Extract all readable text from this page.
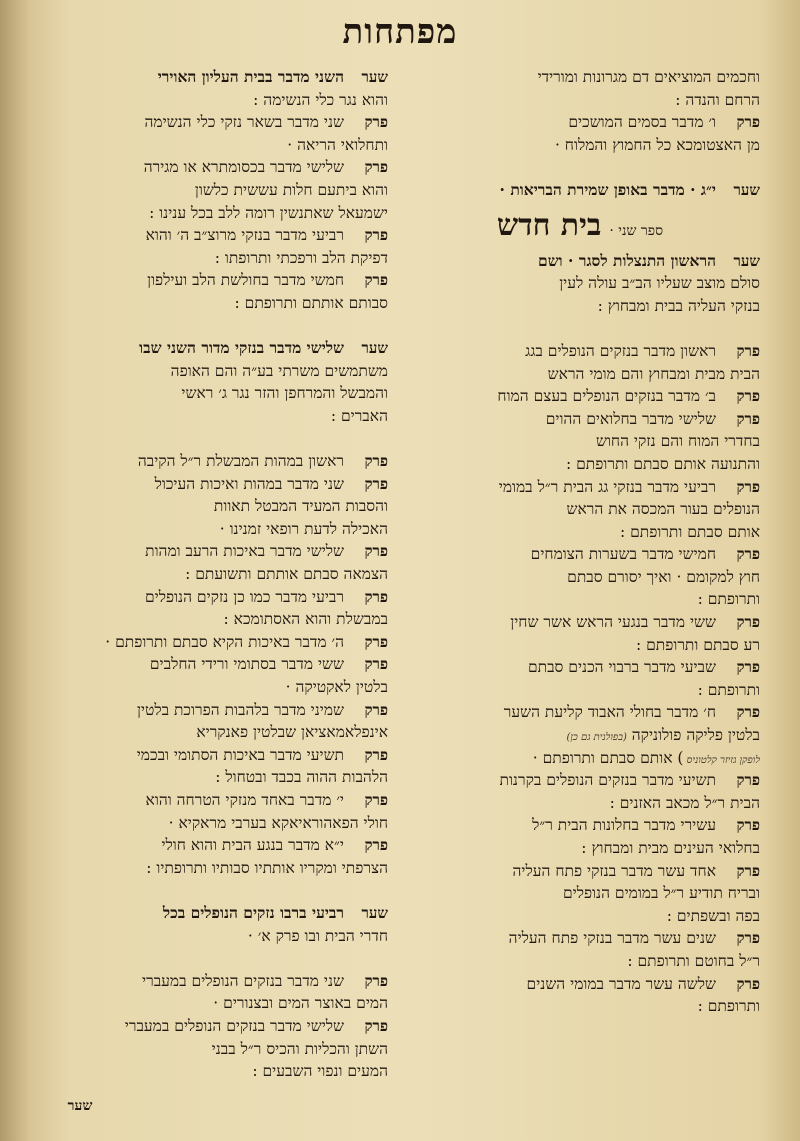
מפתחות
וחכמים המוציאים דם מגרונות ומורידי
הרחם והנדה :
פרקו׳ מדבר בסמים המושכים
מן האצטומכא כל החמוץ והמלוח ·
שערי״ג · מדבר באופן שמירת הבריאות ·
ספר שני ·בית חדש
שערהראשון התנצלות לסגר · ושם
סולם מוצב שעליו הב״ב עולה לעין
בנזקי העליה בבית ומבחוץ :
פרקראשון מדבר בנזקים הנופלים בגג
הבית מבית ומבחוץ והם מומי הראש
פרקב׳ מדבר בנזקים הנופלים בעצם המוח
פרקשלישי מדבר בחלואים ההוים
בחדרי המוח והם נזקי החוש
והתנועה אותם סבתם ותרופתם :
פרקרביעי מדבר בנזקי גג הבית ר״ל במומי
הנופלים בעור המכסה את הראש
אותם סבתם ותרופתם :
פרקחמישי מדבר בשערות הצומחים
חוץ למקומם · ואיך יסורם סבתם
ותרופתם :
פרקששי מדבר בנגעי הראש אשר שחין
רע סבתם ותרופתם :
פרקשביעי מדבר ברבוי הכנים סבתם
ותרופתם :
פרקח׳ מדבר בחולי האבוד קליעת השער
בלטין פליקה פולוניקה (בפולנית גם כן)
לופקן גזיזר קלטוניס ) אותם סבתם ותרופתם ·
פרקתשיעי מדבר בנזקים הנופלים בקרנות
הבית ר״ל מכאב האזנים :
פרקעשירי מדבר בחלונות הבית ר״ל
בחלואי העינים מבית ומבחוץ :
פרקאחד עשר מדבר בנזקי פתח העליה
ובריח תודיע ר״ל במומים הנופלים
בפה ובשפתים :
פרקשנים עשר מדבר בנזקי פתח העליה
ר״ל בחוטם ותרופתם :
פרקשלשה עשר מדבר במומי השנים
ותרופתם :
שערהשני מדבר בבית העליון האוירי
והוא נגר כלי הנשימה :
פרקשני מדבר בשאר נזקי כלי הנשימה
ותחלואי הריאה ·
פרקשלישי מדבר בכסומתרא או מגירה
והוא ביתעם חלות עששית כלשון
ישמעאל שאתנשין רומה ללב בכל ענינו :
פרקרביעי מדבר בנזקי מרוצ״ב ה׳ והוא
דפיקת הלב ורפכתי ותרופתו :
פרקחמשי מדבר בחולשת הלב ועילפון
סבותם אותתם ותרופתם :
שערשלישי מדבר בנזקי מדור השני שבו
משתמשים משרתי בע״ה והם האופה
והמבשל והמרחפן והזר נגר ג׳ ראשי
האברים :
פרקראשון במהות המבשלת ר״ל הקיבה
פרקשני מדבר במהות ואיכות העיכול
והסבות המעיד המבטל תאוות
האכילה לדעת רופאי זמנינו ·
פרקשלישי מדבר באיכות הרעב ומהות
הצמאה סבתם אותתם ותשועתם :
פרקרביעי מדבר כמו כן נזקים הנופלים
במבשלת והוא האסתומכא :
פרקה׳ מדבר באיכות הקיא סבתם ותרופתם ·
פרקששי מדבר בסתומי ורידי החלבים
בלטין לאקטיקה ·
פרקשמיני מדבר בלהבות הפרוכת בלטין
אינפלאמאציאן שבלטין פאנקריא
פרקתשיעי מדבר באיכות הסתומי ובכמי
הלהבות ההוה בכבד ובטחול :
פרקי׳ מדבר באחד מנזקי הטרחה והוא
חולי הפאהוראיאקא בערבי מראקיא ·
פרקי״א מדבר בנגע הבית והוא חולי
הצרפתי ומקריו אותתיו סבותיו ותרופתיו :
שעררביעי ברבו נזקים הנופלים בכל
חדרי הבית ובו פרק א׳ ·
פרקשני מדבר בנזקים הנופלים במעברי
המים באוצר המים ובצנורים ·
פרקשלישי מדבר בנזקים הנופלים במעברי
השתן והכליות והכיס ר״ל בבני
המעים ונפוי השבעים :
שער
